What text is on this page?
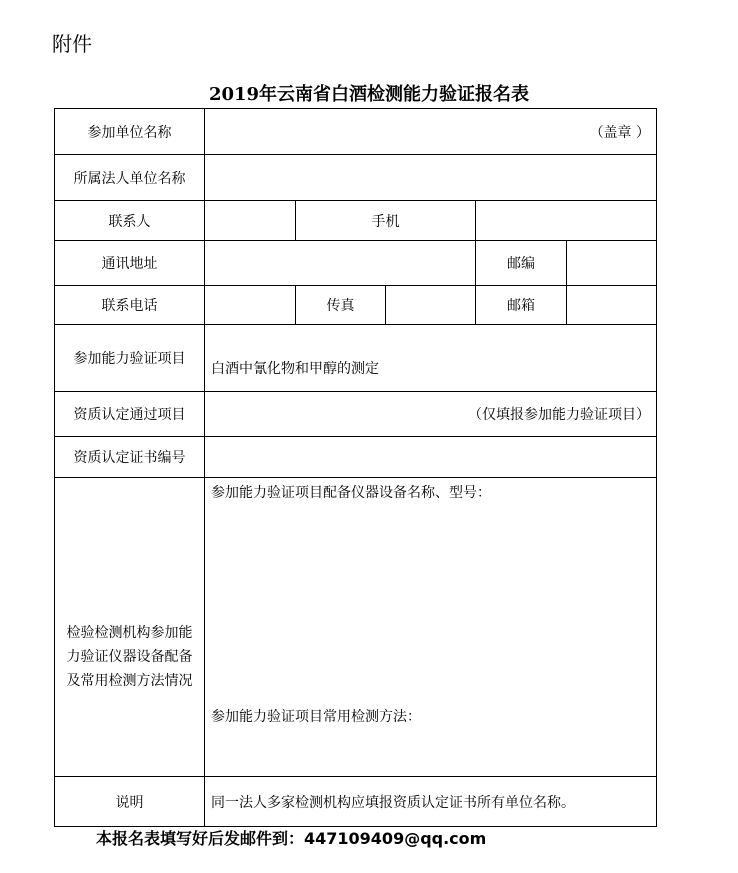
附件
2019年云南省白酒检测能力验证报名表
参加单位名称	（盖章 ）				
所属法人单位名称					
联系人		手机			
通讯地址				邮编	
联系电话		传真		邮箱	
参加能力验证项目	白酒中氰化物和甲醇的测定				

资质认定通过项目	（仅填报参加能力验证项目）				
资质认定证书编号					
检验检测机构参加能力验证仪器设备配备及常用检测方法情况	参加能力验证项目配备仪器设备名称、型号：
参加能力验证项目常用检测方法：				

说明	同一法人多家检测机构应填报资质认定证书所有单位名称。				
本报名表填写好后发邮件到：447109409@qq.com
